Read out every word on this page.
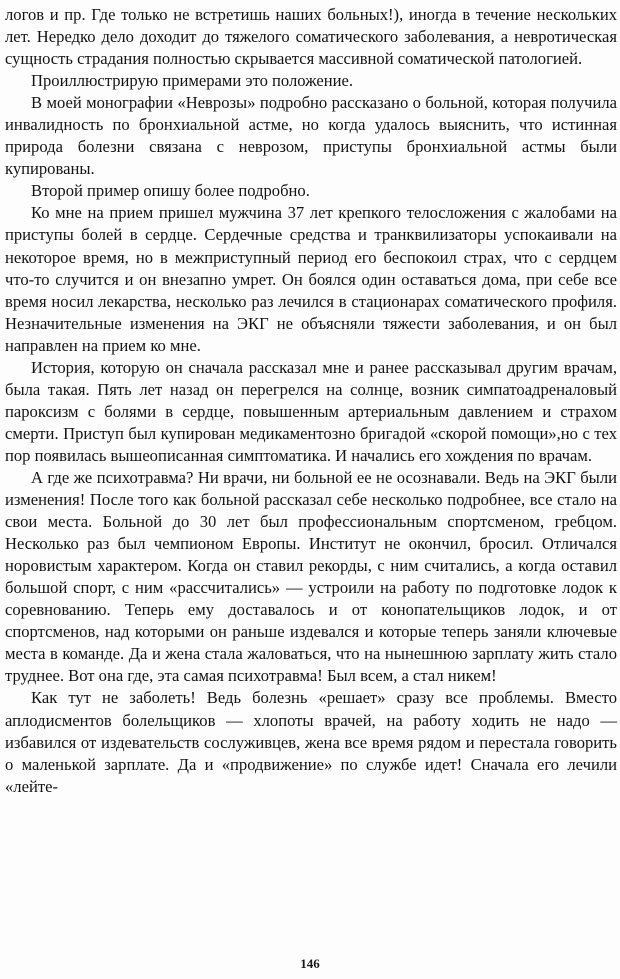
логов и пр. Где только не встретишь наших больных!), иногда в течение нескольких лет. Нередко дело доходит до тяжелого соматического заболевания, а невротическая сущность страдания полностью скрывается массивной соматической патологией.

Проиллюстрирую примерами это положение.

В моей монографии «Неврозы» подробно рассказано о больной, которая получила инвалидность по бронхиальной астме, но когда удалось выяснить, что истинная природа болезни связана с неврозом, приступы бронхиальной астмы были купированы.

Второй пример опишу более подробно.

Ко мне на прием пришел мужчина 37 лет крепкого телосложения с жалобами на приступы болей в сердце. Сердечные средства и транквилизаторы успокаивали на некоторое время, но в межприступный период его беспокоил страх, что с сердцем что-то случится и он внезапно умрет. Он боялся один оставаться дома, при себе все время носил лекарства, несколько раз лечился в стационарах соматического профиля. Незначительные изменения на ЭКГ не объясняли тяжести заболевания, и он был направлен на прием ко мне.

История, которую он сначала рассказал мне и ранее рассказывал другим врачам, была такая. Пять лет назад он перегрелся на солнце, возник симпатоадреналовый пароксизм с болями в сердце, повышенным артериальным давлением и страхом смерти. Приступ был купирован медикаментозно бригадой «скорой помощи»,но с тех пор появилась вышеописанная симптоматика. И начались его хождения по врачам.

А где же психотравма? Ни врачи, ни больной ее не осознавали. Ведь на ЭКГ были изменения! После того как больной рассказал себе несколько подробнее, все стало на свои места. Больной до 30 лет был профессиональным спортсменом, гребцом. Несколько раз был чемпионом Европы. Институт не окончил, бросил. Отличался норовистым характером. Когда он ставил рекорды, с ним считались, а когда оставил большой спорт, с ним «рассчитались» — устроили на работу по подготовке лодок к соревнованию. Теперь ему доставалось и от конопательщиков лодок, и от спортсменов, над которыми он раньше издевался и которые теперь заняли ключевые места в команде. Да и жена стала жаловаться, что на нынешнюю зарплату жить стало труднее. Вот она где, эта самая психотравма! Был всем, а стал никем!

Как тут не заболеть! Ведь болезнь «решает» сразу все проблемы. Вместо аплодисментов болельщиков — хлопоты врачей, на работу ходить не надо — избавился от издевательств сослуживцев, жена все время рядом и перестала говорить о маленькой зарплате. Да и «продвижение» по службе идет! Сначала его лечили «лейте-

146
